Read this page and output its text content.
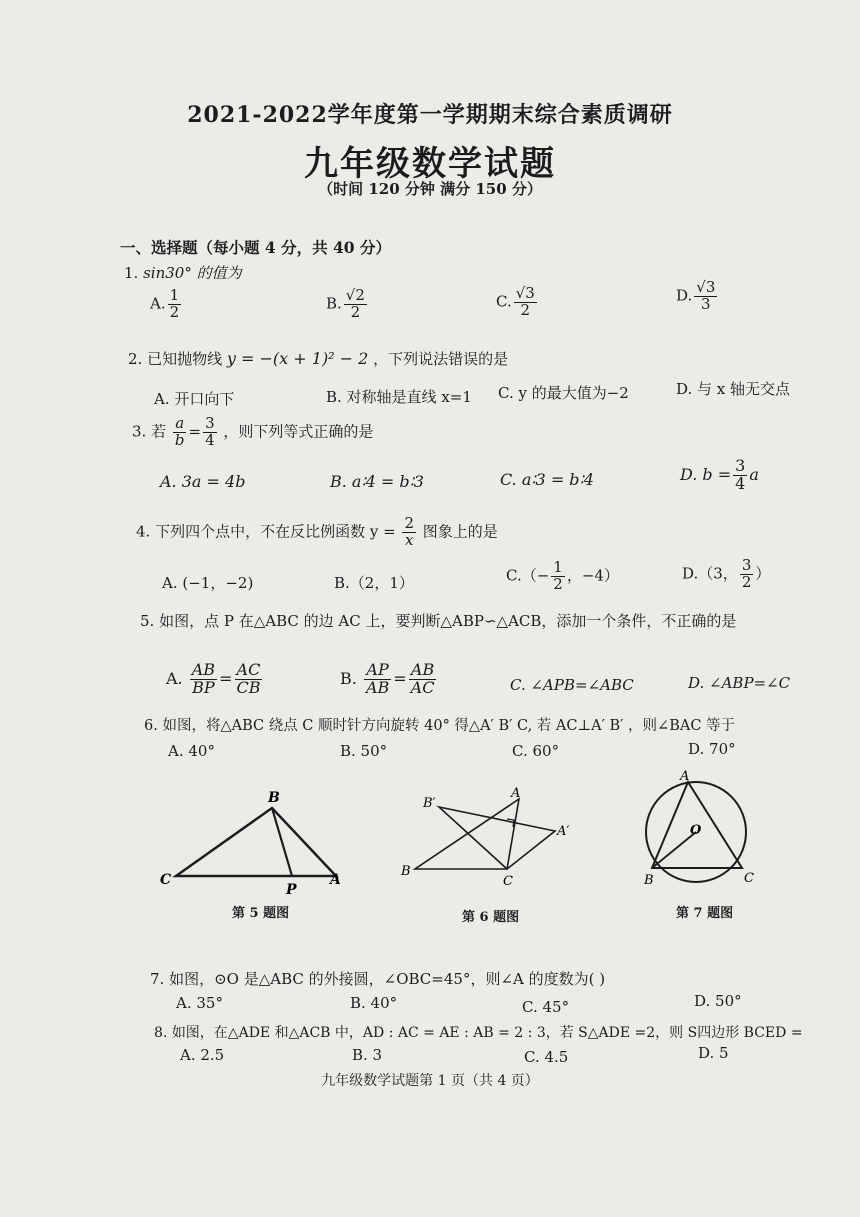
2021-2022学年度第一学期期末综合素质调研
九年级数学试题
（时间 120 分钟 满分 150 分）
一、选择题（每小题 4 分，共 40 分）
1. sin30° 的值为
A. $\frac{1}{2}$	B. $\frac{√2}{2}$	C. $\frac{√3}{2}$	D. $\frac{√3}{3}$
2. 已知抛物线 y = −(x + 1)² − 2 ，下列说法错误的是
A. 开口向下	B. 对称轴是直线 x=1 C. y 的最大值为−2	D. 与 x 轴无交点
3. 若 $\frac{a}{b} = \frac{3}{4}$ ，则下列等式正确的是
A. 3a = 4b	B. a∶4 = b∶3	C. a∶3 = b∶4	D. $b = \frac{3}{4}$ a
4. 下列四个点中，不在反比例函数 $y = \frac{2}{x}$ 图象上的是
A. (−1，−2)	B.（2，1）	$C.(- \frac{1}{2}$ ，−4）	D.（3， $\frac{3}{2}$ ）
5. 如图，点 P 在△ABC 的边 AC 上，要判断△ABP∽△ACB，添加一个条件，不正确的是
A. $\frac{AB}{BP} = \frac{AC}{CB}$	B. $\frac{AP}{AB} = \frac{AB}{AC}$	C. ∠APB=∠ABC	D. ∠ABP=∠C
6. 如图，将△ABC 绕点 C 顺时针方向旋转 40° 得△A′ B′ C, 若 AC⊥A′ B′ ，则∠BAC 等于
A. 40°	B. 50°	C. 60°	D. 70°
B
C
P
A
第 5 题图
B′
A
A′
B
C
第 6 题图
A
O
B	C
第 7 题图
7. 如图，⊙O 是△ABC 的外接圆，∠OBC=45°，则∠A 的度数为( )
A. 35°	B. 40°	C. 45°	D. 50°
8. 如图，在△ADE 和△ACB 中，AD : AC = AE : AB = 2 : 3，若 S△ADE =2，则 S四边形 BCED =
A. 2.5	B. 3	C. 4.5	D. 5
九年级数学试题第 1 页（共 4 页）
